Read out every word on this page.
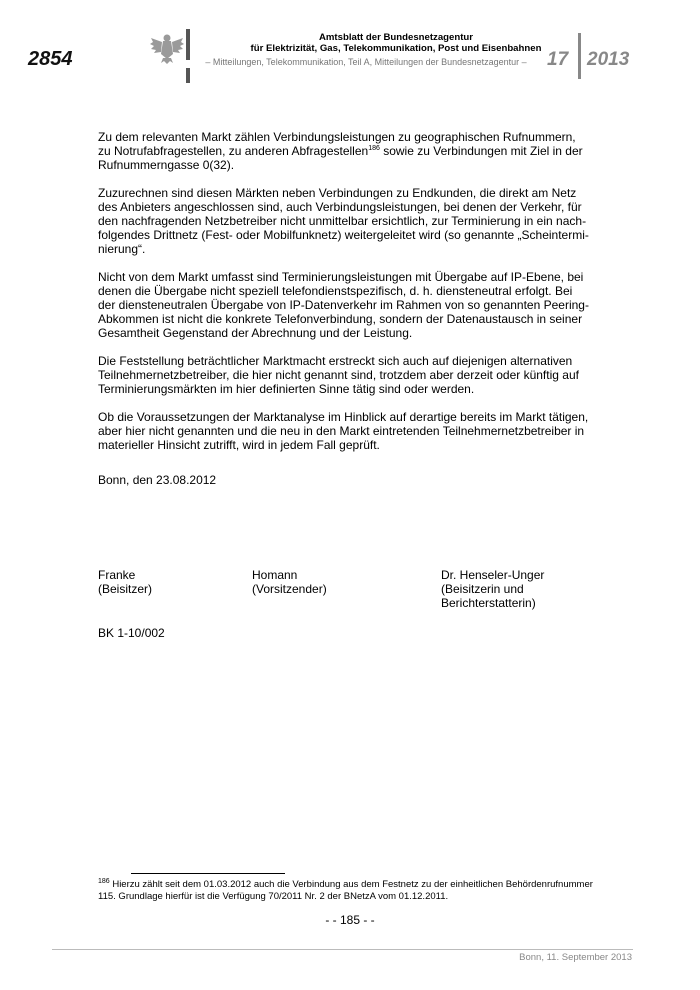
2854
Amtsblatt der Bundesnetzagentur
für Elektrizität, Gas, Telekommunikation, Post und Eisenbahnen
– Mitteilungen, Telekommunikation, Teil A, Mitteilungen der Bundesnetzagentur –	17 2013

Zu dem relevanten Markt zählen Verbindungsleistungen zu geographischen Rufnummern, zu Notrufabfragestellen, zu anderen Abfragestellen$^{186}$ sowie zu Verbindungen mit Ziel in der Rufnummerngasse 0(32).

Zuzurechnen sind diesen Märkten neben Verbindungen zu Endkunden, die direkt am Netz des Anbieters angeschlossen sind, auch Verbindungsleistungen, bei denen der Verkehr, für den nachfragenden Netzbetreiber nicht unmittelbar ersichtlich, zur Terminierung in ein nachfolgendes Drittnetz (Fest- oder Mobilfunknetz) weitergeleitet wird (so genannte „Scheinterminierung“.

Nicht von dem Markt umfasst sind Terminierungsleistungen mit Übergabe auf IP-Ebene, bei denen die Übergabe nicht speziell telefondienstspezifisch, d. h. diensteneutral erfolgt. Bei der diensteneutralen Übergabe von IP-Datenverkehr im Rahmen von so genannten Peering-Abkommen ist nicht die konkrete Telefonverbindung, sondern der Datenaustausch in seiner Gesamtheit Gegenstand der Abrechnung und der Leistung.

Die Feststellung beträchtlicher Marktmacht erstreckt sich auch auf diejenigen alternativen Teilnehmernetzbetreiber, die hier nicht genannt sind, trotzdem aber derzeit oder künftig auf Terminierungsmärkten im hier definierten Sinne tätig sind oder werden.

Ob die Voraussetzungen der Marktanalyse im Hinblick auf derartige bereits im Markt tätigen, aber hier nicht genannten und die neu in den Markt eintretenden Teilnehmernetzbetreiber in materieller Hinsicht zutrifft, wird in jedem Fall geprüft.

Bonn, den 23.08.2012
Franke
(Beisitzer)
Homann
(Vorsitzender)
Dr. Henseler-Unger
(Beisitzerin und
Berichterstatterin)
BK 1-10/002
$^{186}$ Hierzu zählt seit dem 01.03.2012 auch die Verbindung aus dem Festnetz zu der einheitlichen Behördenrufnummer 115. Grundlage hierfür ist die Verfügung 70/2011 Nr. 2 der BNetzA vom 01.12.2011.
- - 185 - -
Bonn, 11. September 2013
